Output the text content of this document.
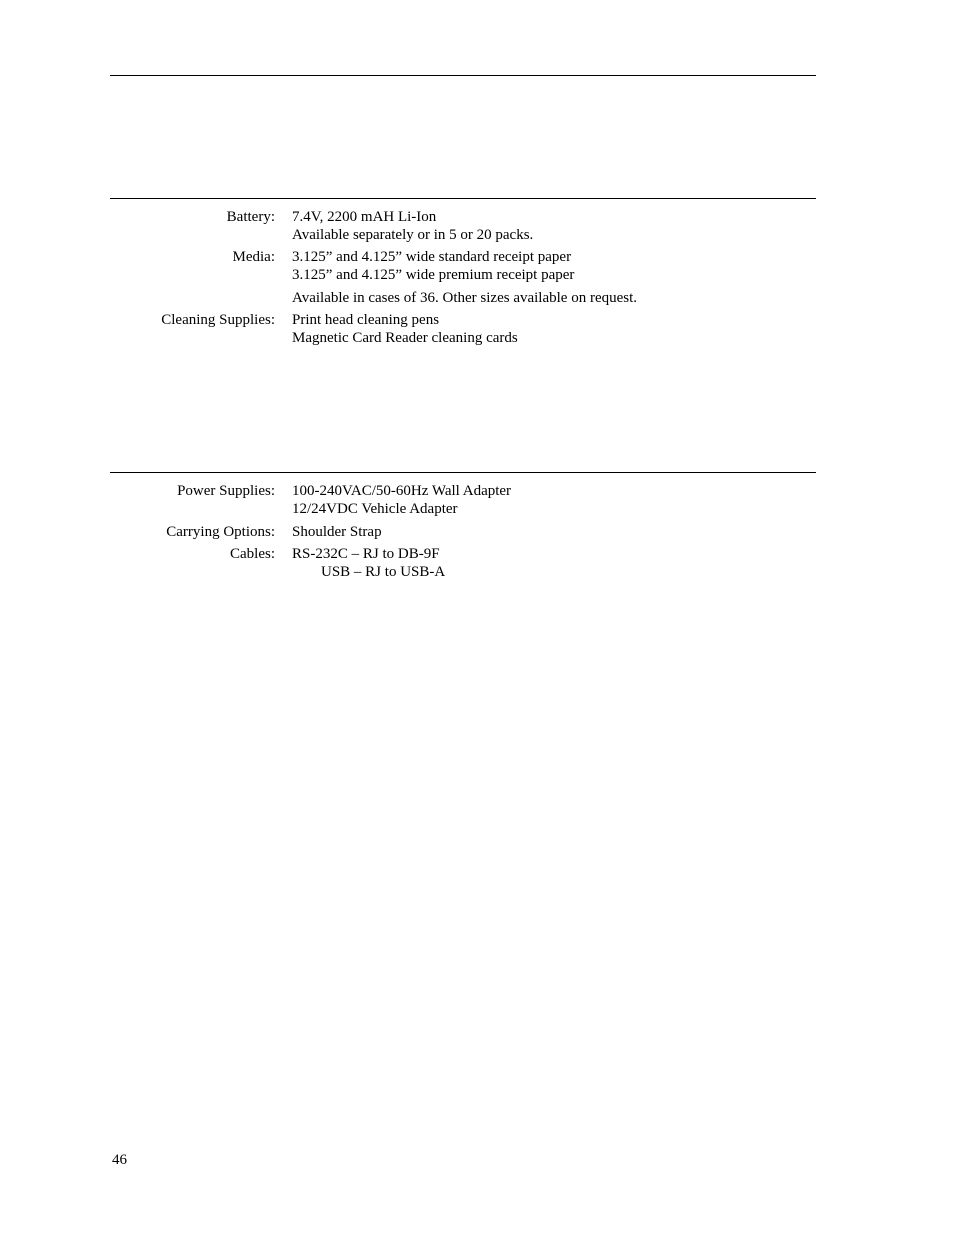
Battery: 7.4V, 2200 mAH Li-Ion
Available separately or in 5 or 20 packs.
Media: 3.125” and 4.125” wide standard receipt paper
3.125” and 4.125” wide premium receipt paper
Available in cases of 36. Other sizes available on request.
Cleaning Supplies: Print head cleaning pens
Magnetic Card Reader cleaning cards
Power Supplies: 100-240VAC/50-60Hz Wall Adapter
12/24VDC Vehicle Adapter
Carrying Options: Shoulder Strap
Cables: RS-232C – RJ to DB-9F
USB – RJ to USB-A
46
